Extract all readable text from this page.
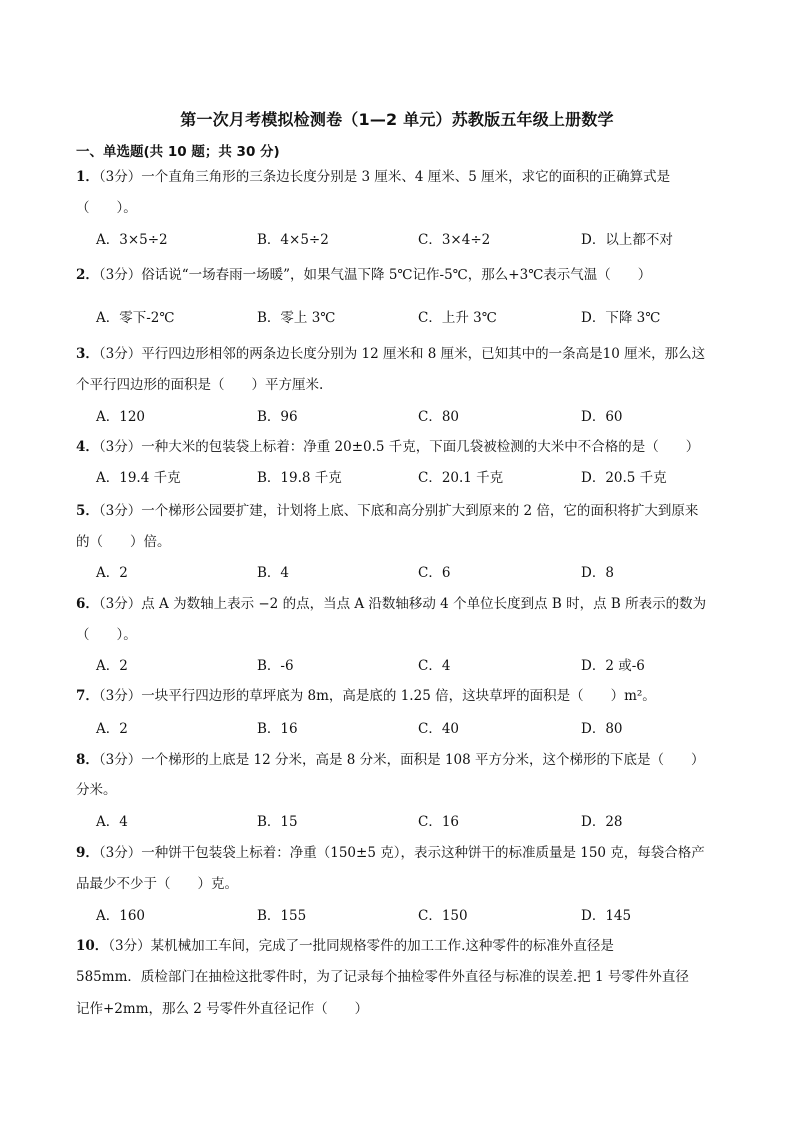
第一次月考模拟检测卷（1—2 单元）苏教版五年级上册数学
一、单选题(共 10 题；共 30 分)
1．（3分）一个直角三角形的三条边长度分别是 3 厘米、4 厘米、5 厘米，求它的面积的正确算式是
（　　）。
A．3×5÷2	B．4×5÷2	C．3×4÷2	D．以上都不对
2．（3分）俗话说“一场春雨一场暖”，如果气温下降 5℃记作-5℃，那么+3℃表示气温（　　）
A．零下-2℃	B．零上 3℃	C．上升 3℃	D．下降 3℃
3．（3分）平行四边形相邻的两条边长度分别为 12 厘米和 8 厘米，已知其中的一条高是10 厘米，那么这
个平行四边形的面积是（　　）平方厘米.
A．120	B．96	C．80	D．60
4．（3分）一种大米的包装袋上标着：净重 20±0.5 千克，下面几袋被检测的大米中不合格的是（　　）
A．19.4 千克	B．19.8 千克	C．20.1 千克	D．20.5 千克
5．（3分）一个梯形公园要扩建，计划将上底、下底和高分别扩大到原来的 2 倍，它的面积将扩大到原来
的（　　）倍。
A．2	B．4	C．6	D．8
6．（3分）点 A 为数轴上表示 −2 的点，当点 A 沿数轴移动 4 个单位长度到点 B 时，点 B 所表示的数为
（　　）。
A．2	B．-6	C．4	D．2 或-6
7．（3分）一块平行四边形的草坪底为 8m，高是底的 1.25 倍，这块草坪的面积是（　　）m²。
A．2	B．16	C．40	D．80
8．（3分）一个梯形的上底是 12 分米，高是 8 分米，面积是 108 平方分米，这个梯形的下底是（　　）
分米。
A．4	B．15	C．16	D．28
9．（3分）一种饼干包装袋上标着：净重（150±5 克），表示这种饼干的标准质量是 150 克，每袋合格产
品最少不少于（　　）克。
A．160	B．155	C．150	D．145
10．（3分）某机械加工车间，完成了一批同规格零件的加工工作.这种零件的标准外直径是
585mm．质检部门在抽检这批零件时，为了记录每个抽检零件外直径与标准的误差.把 1 号零件外直径
记作+2mm，那么 2 号零件外直径记作（　　）
